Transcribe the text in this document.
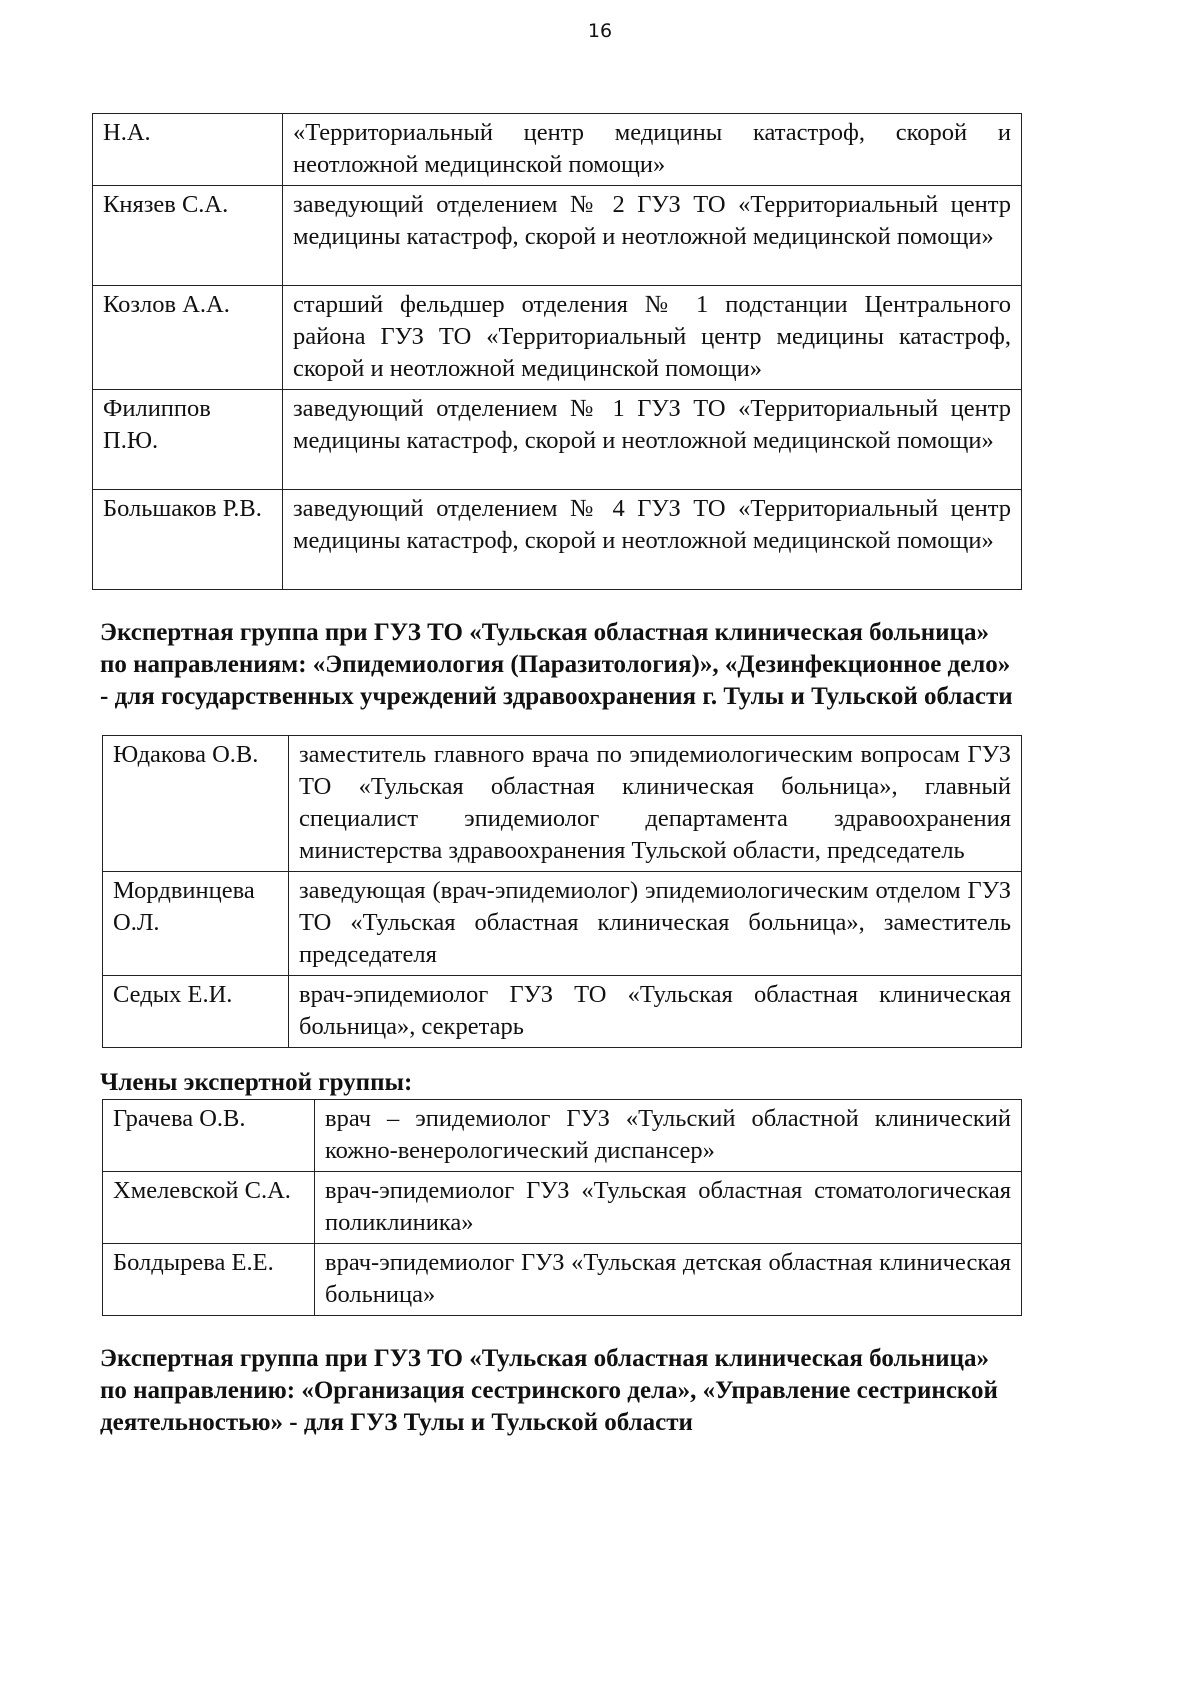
16
Н.А.	«Территориальный центр медицины катастроф, скорой и неотложной медицинской помощи»
Князев С.А.	заведующий отделением № 2 ГУЗ ТО «Территориальный центр медицины катастроф, скорой и неотложной медицинской помощи»
Козлов А.А.	старший фельдшер отделения № 1 подстанции Центрального района ГУЗ ТО «Территориальный центр медицины катастроф, скорой и неотложной медицинской помощи»
Филиппов П.Ю.	заведующий отделением № 1 ГУЗ ТО «Территориальный центр медицины катастроф, скорой и неотложной медицинской помощи»
Большаков Р.В.	заведующий отделением № 4 ГУЗ ТО «Территориальный центр медицины катастроф, скорой и неотложной медицинской помощи»
Экспертная группа при ГУЗ ТО «Тульская областная клиническая больница»
по направлениям: «Эпидемиология (Паразитология)», «Дезинфекционное дело»
- для государственных учреждений здравоохранения г. Тулы и Тульской области
Юдакова О.В.	заместитель главного врача по эпидемиологическим вопросам ГУЗ ТО «Тульская областная клиническая больница», главный специалист эпидемиолог департамента здравоохранения министерства здравоохранения Тульской области, председатель
Мордвинцева О.Л.	заведующая (врач-эпидемиолог) эпидемиологическим отделом ГУЗ ТО «Тульская областная клиническая больница», заместитель председателя
Седых Е.И.	врач-эпидемиолог ГУЗ ТО «Тульская областная клиническая больница», секретарь
Члены экспертной группы:
Грачева О.В.	врач – эпидемиолог ГУЗ «Тульский областной клинический кожно-венерологический диспансер»
Хмелевской С.А.	врач-эпидемиолог ГУЗ «Тульская областная стоматологическая поликлиника»
Болдырева Е.Е.	врач-эпидемиолог ГУЗ «Тульская детская областная клиническая больница»
Экспертная группа при ГУЗ ТО «Тульская областная клиническая больница»
по направлению: «Организация сестринского дела», «Управление сестринской
деятельностью» - для ГУЗ Тулы и Тульской области
